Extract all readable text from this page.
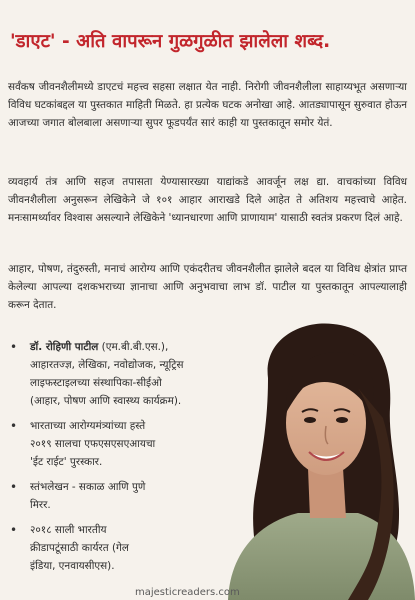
'डाएट' - अति वापरून गुळगुळीत झालेला शब्द.
सर्वंकष जीवनशैलीमध्ये डाएटचं महत्त्व सहसा लक्षात येत नाही. निरोगी जीवनशैलीला साहाय्यभूत असणाऱ्या विविध घटकांबद्दल या पुस्तकात माहिती मिळते. हा प्रत्येक घटक अनोखा आहे. आतड्यापासून सुरुवात होऊन आजच्या जगात बोलबाला असणाऱ्या सुपर फूडपर्यंत सारं काही या पुस्तकातून समोर येतं.
व्यवहार्य तंत्र आणि सहज तपासता येण्यासारख्या याद्यांकडे आवर्जून लक्ष द्या. वाचकांच्या विविध जीवनशैलीला अनुसरून लेखिकेने जे १०१ आहार आराखडे दिले आहेत ते अतिशय महत्त्वाचे आहेत. मनःसामर्थ्यावर विश्वास असल्याने लेखिकेने 'ध्यानधारणा आणि प्राणायाम' यासाठी स्वतंत्र प्रकरण दिलं आहे.
आहार, पोषण, तंदुरुस्ती, मनाचं आरोग्य आणि एकंदरीतच जीवनशैलीत झालेले बदल या विविध क्षेत्रांत प्राप्त केलेल्या आपल्या दशकभराच्या ज्ञानाचा आणि अनुभवाचा लाभ डॉ. पाटील या पुस्तकातून आपल्यालाही करून देतात.
• डॉ. रोहिणी पाटील (एम.बी.बी.एस.),
आहारतज्ज्ञ, लेखिका, नवोद्योजक, न्यूट्रिस
लाइफस्टाइलच्या संस्थापिका-सीईओ
(आहार, पोषण आणि स्वास्थ्य कार्यक्रम).
• भारताच्या आरोग्यमंत्र्यांच्या हस्ते
२०१९ सालचा एफएसएसएआयचा
'ईट राईट' पुरस्कार.
• स्तंभलेखन - सकाळ आणि पुणे
मिरर.
• २०१८ साली भारतीय
क्रीडापटूंसाठी कार्यरत (गेल
इंडिया, एनवायसीएस).
majesticreaders.com
